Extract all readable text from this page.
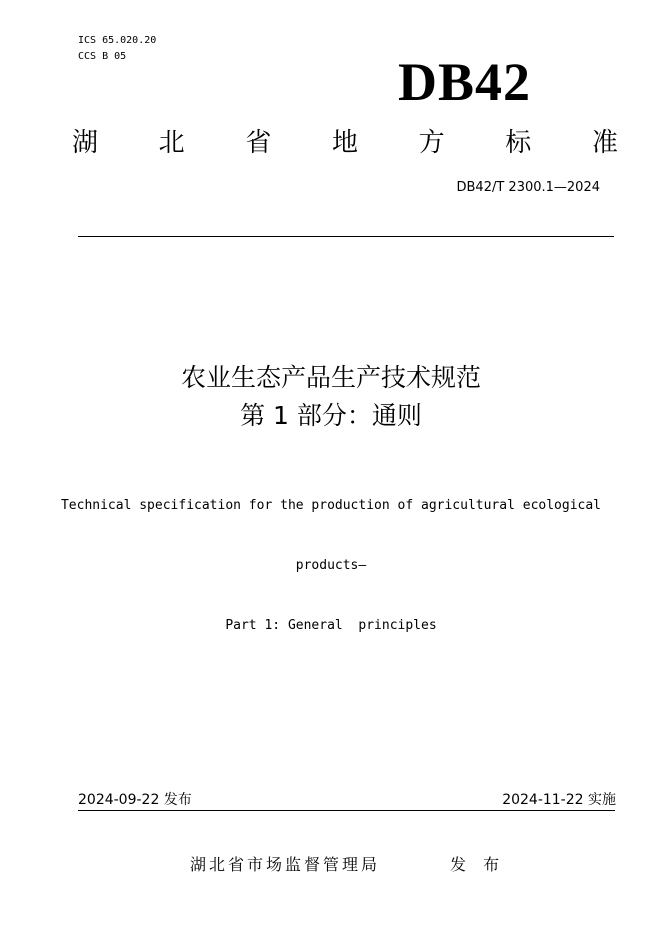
ICS 65.020.20
CCS B 05	DB42
湖 北 省 地 方 标 准
DB42/T 2300.1—2024
农业生态产品生产技术规范
第 1 部分：通则

Technical specification for the production of agricultural ecological

products—

Part 1: General  principles

2024-09-22 发布	2024-11-22 实施
湖北省市场监督管理局	发 布
